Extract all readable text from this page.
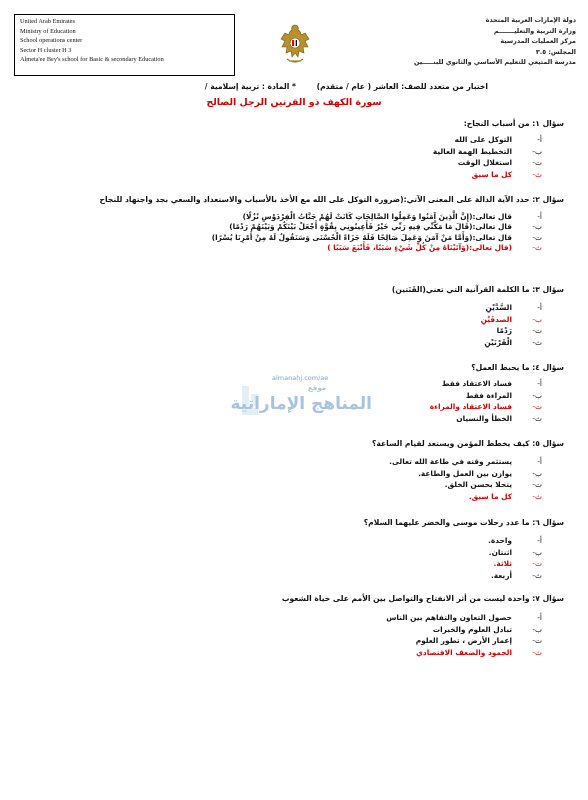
United Arab Emirates
Ministry of Education
School operations center
Sector H cluster H 3
Almeta'ee Bey's school for Basic & secondary Education
دولة الإمارات العربية المتحدة
وزارة التربية والتعليـــــــم
مركز العمليات المدرسية
المجلس: ٣.٥
مدرسة المتيعي للتعليم الأساسي والثانوي للبنـــــين
اختبار من متعدد للصف: العاشر ( عام / متقدم) * المادة : تربية إسلامية /
سورة الكهف ذو القرنين الرجل الصالح
almanahj.com/ae
موقع
المناهج الإماراتية
سؤال ١: من أسباب النجاح:
أ-
التوكل على الله
ب-
التخطيط الهمة العالية
ت-
استغلال الوقت
ث-
كل ما سبق
سؤال ٢: حدد الآية الدالة على المعنى الآتي:(ضرورة التوكل على الله مع الأخذ بالأسباب والاستعداد والسعي بجد واجتهاد للنجاح
أ-
قال تعالى:(إِنَّ الَّذِينَ آمَنُوا وَعَمِلُوا الصَّالِحَاتِ كَانَتْ لَهُمْ جَنَّاتُ الْفِرْدَوْسِ نُزُلًا)
ب-
قال تعالى:(قَالَ مَا مَكَّنِّي فِيهِ رَبِّي خَيْرٌ فَأَعِينُونِي بِقُوَّةٍ أَجْعَلْ بَيْنَكُمْ وَبَيْنَهُمْ رَدْمًا)
ت-
قال تعالى:(وَأَمَّا مَنْ آمَنَ وَعَمِلَ صَالِحًا فَلَهُ جَزَاءً الْحُسْنَى وَسَنَقُولُ لَهُ مِنْ أَمْرِنَا يُسْرًا)
ث-
(قال تعالى:(وَآتَيْنَاهُ مِنْ كُلِّ شَيْءٍ سَبَبًا، فَأَتْبَعَ سَبَبًا )
سؤال ٣: ما الكلمة القرآنية التي تعني(القَنَتين)
أ-
السَّدَّيْنِ
ب-
الصدفَيْنِ
ت-
رَدْمًا
ث-
الْقَرْنَيْنِ
سؤال ٤: ما يحبط العمل؟
أ-
فساد الاعتقاد فقط
ب-
المراءة فقط
ت-
فساد الاعتقاد والمراءة
ث-
الخطأ والنسيان
سؤال ٥: كيف يخطط المؤمن ويستعد لقيام الساعة؟
أ-
يستثمر وقته في طاعة الله تعالى.
ب-
يوازن بين العمل والطاعة.
ت-
يتحلا بحسن الخلق.
ث-
كل ما سبق.
سؤال ٦: ما عدد رحلات موسى والخضر عليهما السلام؟
أ-
واحدة.
ب-
اثنتان.
ت-
ثلاثة.
ث-
أربعة.
سؤال ٧: واحدة ليست من أثر الانفتاح والتواصل بين الأمم على حياة الشعوب
أ-
حصول التعاون والتفاهم بين الناس
ب-
تبادل العلوم والخبرات
ت-
إعمار الأرض ، تطور العلوم
ث-
الجمود والضعف الاقتصادي
